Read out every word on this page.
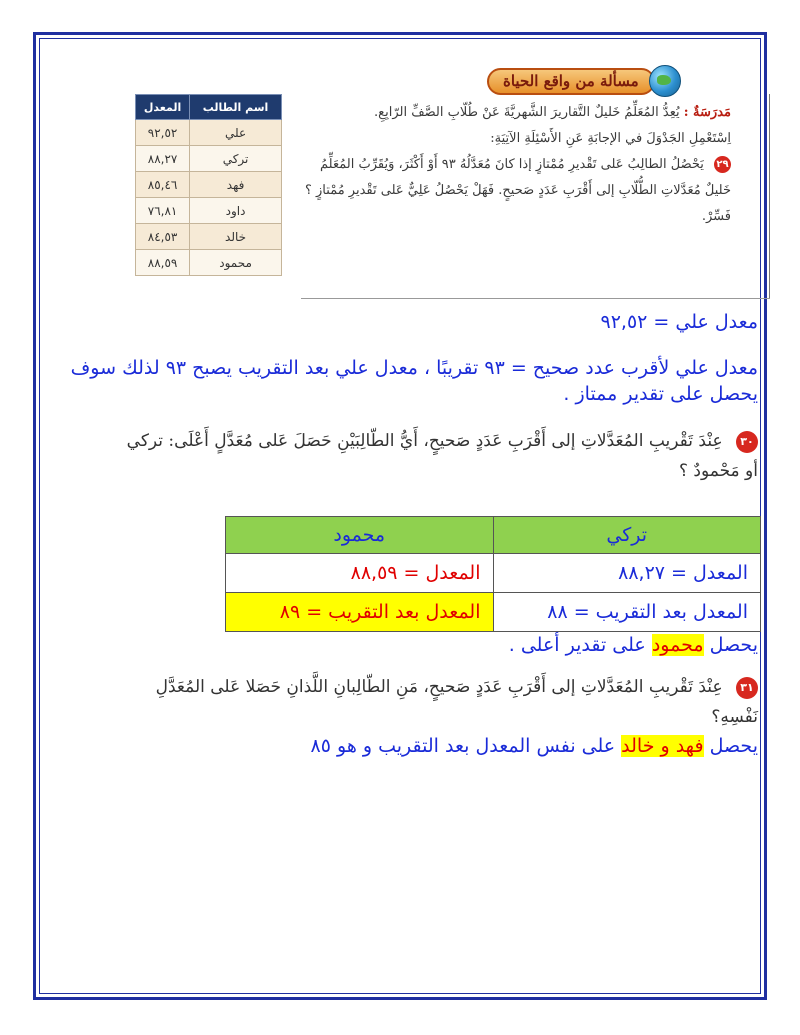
اسم الطالب	المعدل
علي	٩٢,٥٢
تركي	٨٨,٢٧
فهد	٨٥,٤٦
داود	٧٦,٨١
خالد	٨٤,٥٣
محمود	٨٨,٥٩
مسألة من واقع الحياة
مَدرَسَةٌ : يُعِدُّ المُعَلِّمُ خَليلٌ التَّقاريرَ الشَّهريَّةَ عَنْ طُلّابِ الصَّفِّ الرّابِعِ.
اِسْتَعْمِلِ الجَدْوَلَ في الإجابَةِ عَنِ الأَسْئِلَةِ الآتِيَةِ:
٢٩ يَحْصُلُ الطالِبُ عَلى تَقْديرِ مُمْتازٍ إذا كانَ مُعَدَّلُهُ ٩٣ أَوْ أَكْثَرَ، وَيُقَرِّبُ المُعَلِّمُ خَليلٌ مُعَدَّلاتِ الطُّلّابِ إلى أَقْرَبِ عَدَدٍ صَحيحٍ. فَهَلْ يَحْصُلُ عَلِيٌّ عَلى تَقْديرِ مُمْتازٍ ؟ فَسِّرْ.
معدل علي = ٩٢,٥٢
معدل علي لأقرب عدد صحيح = ٩٣ تقريبًا ، معدل علي بعد التقريب يصبح ٩٣ لذلك سوف يحصل على تقدير ممتاز .
٣٠ عِنْدَ تَقْريبِ المُعَدَّلاتِ إلى أَقْرَبِ عَدَدٍ صَحيحٍ، أَيُّ الطّالِبَيْنِ حَصَلَ عَلى مُعَدَّلٍ أَعْلَى: تركي أو مَحْمودٌ ؟
تركي	محمود
المعدل = ٨٨,٢٧	المعدل = ٨٨,٥٩
المعدل بعد التقريب = ٨٨	المعدل بعد التقريب = ٨٩
يحصل محمود على تقدير أعلى .
٣١ عِنْدَ تَقْريبِ المُعَدَّلاتِ إلى أَقْرَبِ عَدَدٍ صَحيحٍ، مَنِ الطّالِبانِ اللَّذانِ حَصَلا عَلى المُعَدَّلِ نَفْسِهِ؟
يحصل فهد و خالد على نفس المعدل بعد التقريب و هو ٨٥
